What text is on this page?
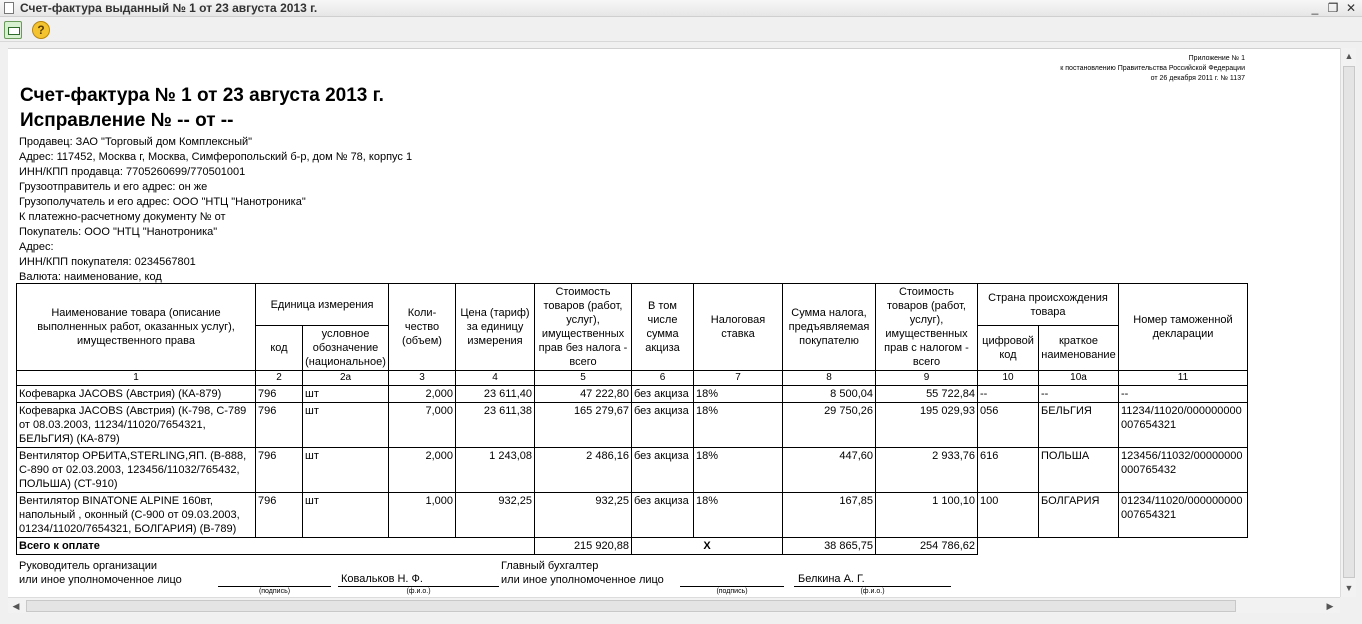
Счет-фактура выданный № 1 от 23 августа 2013 г.	_ ❐ ✕
?
Приложение № 1
к постановлению Правительства Российской Федерации
от 26 декабря 2011 г. № 1137
Счет-фактура № 1 от 23 августа 2013 г.
Исправление № -- от --
Продавец: ЗАО "Торговый дом Комплексный"
Адрес: 117452, Москва г, Москва, Симферопольский б-р, дом № 78, корпус 1
ИНН/КПП продавца: 7705260699/770501001
Грузоотправитель и его адрес: он же
Грузополучатель и его адрес: ООО "НТЦ "Нанотроника"
К платежно-расчетному документу № от
Покупатель: ООО "НТЦ "Нанотроника"
Адрес:
ИНН/КПП покупателя: 0234567801
Валюта: наименование, код
Наименование товара (описание выполненных работ, оказанных услуг), имущественного права	Единица измерения		Коли-чество (объем)	Цена (тариф) за единицу измерения	Стоимость товаров (работ, услуг), имущественных прав без налога - всего	В том числе сумма акциза	Налоговая ставка	Сумма налога, предъявляемая покупателю	Стоимость товаров (работ, услуг), имущественных прав с налогом - всего	Страна происхождения товара		Номер таможенной декларации
	код	условное обозначение (национальное)								цифровой код	краткое наименование	
1	2	2а	3	4	5	6	7	8	9	10	10а	11
Кофеварка JACOBS (Австрия) (КА-879)	796	шт	2,000	23 611,40	47 222,80	без акциза	18%	8 500,04	55 722,84	--	--	--
Кофеварка JACOBS (Австрия) (К-798, С-789 от 08.03.2003, 11234/11020/7654321, БЕЛЬГИЯ) (КА-879)	796	шт	7,000	23 611,38	165 279,67	без акциза	18%	29 750,26	195 029,93	056	БЕЛЬГИЯ	11234/11020/000000000007654321
Вентилятор ОРБИТА,STERLING,ЯП. (В-888, С-890 от 02.03.2003, 123456/11032/765432, ПОЛЬША) (СТ-910)	796	шт	2,000	1 243,08	2 486,16	без акциза	18%	447,60	2 933,76	616	ПОЛЬША	123456/11032/00000000000765432
Вентилятор BINATONE ALPINE 160вт, напольный , оконный (С-900 от 09.03.2003, 01234/11020/7654321, БОЛГАРИЯ) (В-789)	796	шт	1,000	932,25	932,25	без акциза	18%	167,85	1 100,10	100	БОЛГАРИЯ	01234/11020/000000000007654321
Всего к оплате					215 920,88	X		38 865,75	254 786,62			
Руководитель организации
или иное уполномоченное лицо
(подпись)
Ковальков Н. Ф.
(ф.и.о.)
Главный бухгалтер
или иное уполномоченное лицо
(подпись)
Белкина А. Г.
(ф.и.о.)
▲
▼
◀	▶
